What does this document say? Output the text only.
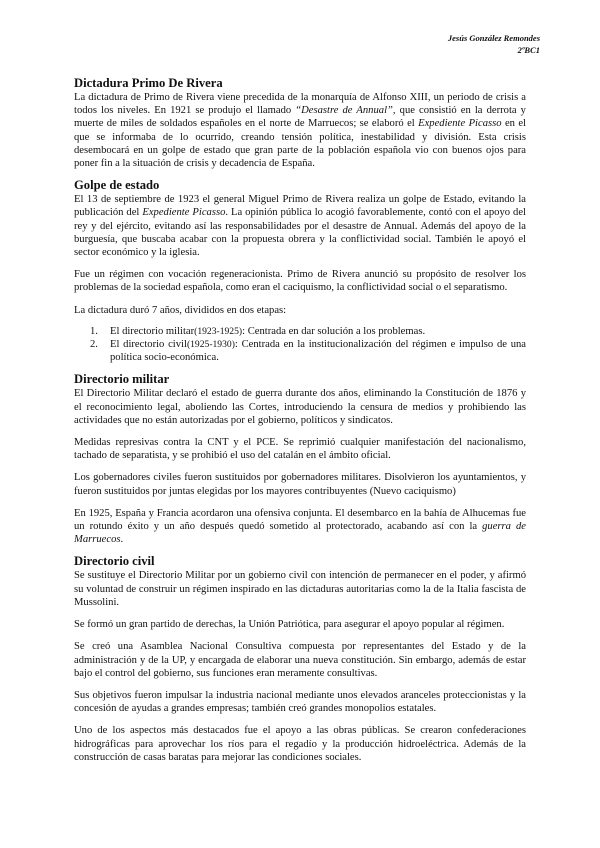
Jesús González Remondes
2ºBC1
Dictadura Primo De Rivera

La dictadura de Primo de Rivera viene precedida de la monarquía de Alfonso XIII, un periodo de crisis a todos los niveles. En 1921 se produjo el llamado “Desastre de Annual”, que consistió en la derrota y muerte de miles de soldados españoles en el norte de Marruecos; se elaboró el Expediente Picasso en el que se informaba de lo ocurrido, creando tensión política, inestabilidad y división. Esta crisis desembocará en un golpe de estado que gran parte de la población española vio con buenos ojos para poner fin a la situación de crisis y decadencia de España.

Golpe de estado

El 13 de septiembre de 1923 el general Miguel Primo de Rivera realiza un golpe de Estado, evitando la publicación del Expediente Picasso. La opinión pública lo acogió favorablemente, contó con el apoyo del rey y del ejército, evitando así las responsabilidades por el desastre de Annual. Además del apoyo de la burguesía, que buscaba acabar con la propuesta obrera y la conflictividad social. También le apoyó el sector económico y la iglesia.

Fue un régimen con vocación regeneracionista. Primo de Rivera anunció su propósito de resolver los problemas de la sociedad española, como eran el caciquismo, la conflictividad social o el separatismo.

La dictadura duró 7 años, divididos en dos etapas:

1. El directorio militar(1923-1925): Centrada en dar solución a los problemas.
2. El directorio civil(1925-1930): Centrada en la institucionalización del régimen e impulso de una política socio-económica.
Directorio militar

El Directorio Militar declaró el estado de guerra durante dos años, eliminando la Constitución de 1876 y el reconocimiento legal, aboliendo las Cortes, introduciendo la censura de medios y prohibiendo las actividades que no están autorizadas por el gobierno, políticos y sindicatos.

Medidas represivas contra la CNT y el PCE. Se reprimió cualquier manifestación del nacionalismo, tachado de separatista, y se prohibió el uso del catalán en el ámbito oficial.

Los gobernadores civiles fueron sustituidos por gobernadores militares. Disolvieron los ayuntamientos, y fueron sustituidos por juntas elegidas por los mayores contribuyentes (Nuevo caciquismo)

En 1925, España y Francia acordaron una ofensiva conjunta. El desembarco en la bahía de Alhucemas fue un rotundo éxito y un año después quedó sometido al protectorado, acabando así con la guerra de Marruecos.

Directorio civil

Se sustituye el Directorio Militar por un gobierno civil con intención de permanecer en el poder, y afirmó su voluntad de construir un régimen inspirado en las dictaduras autoritarias como la de la Italia fascista de Mussolini.

Se formó un gran partido de derechas, la Unión Patriótica, para asegurar el apoyo popular al régimen.

Se creó una Asamblea Nacional Consultiva compuesta por representantes del Estado y de la administración y de la UP, y encargada de elaborar una nueva constitución. Sin embargo, además de estar bajo el control del gobierno, sus funciones eran meramente consultivas.

Sus objetivos fueron impulsar la industria nacional mediante unos elevados aranceles proteccionistas y la concesión de ayudas a grandes empresas; también creó grandes monopolios estatales.

Uno de los aspectos más destacados fue el apoyo a las obras públicas. Se crearon confederaciones hidrográficas para aprovechar los ríos para el regadío y la producción hidroeléctrica. Además de la construcción de casas baratas para mejorar las condiciones sociales.
